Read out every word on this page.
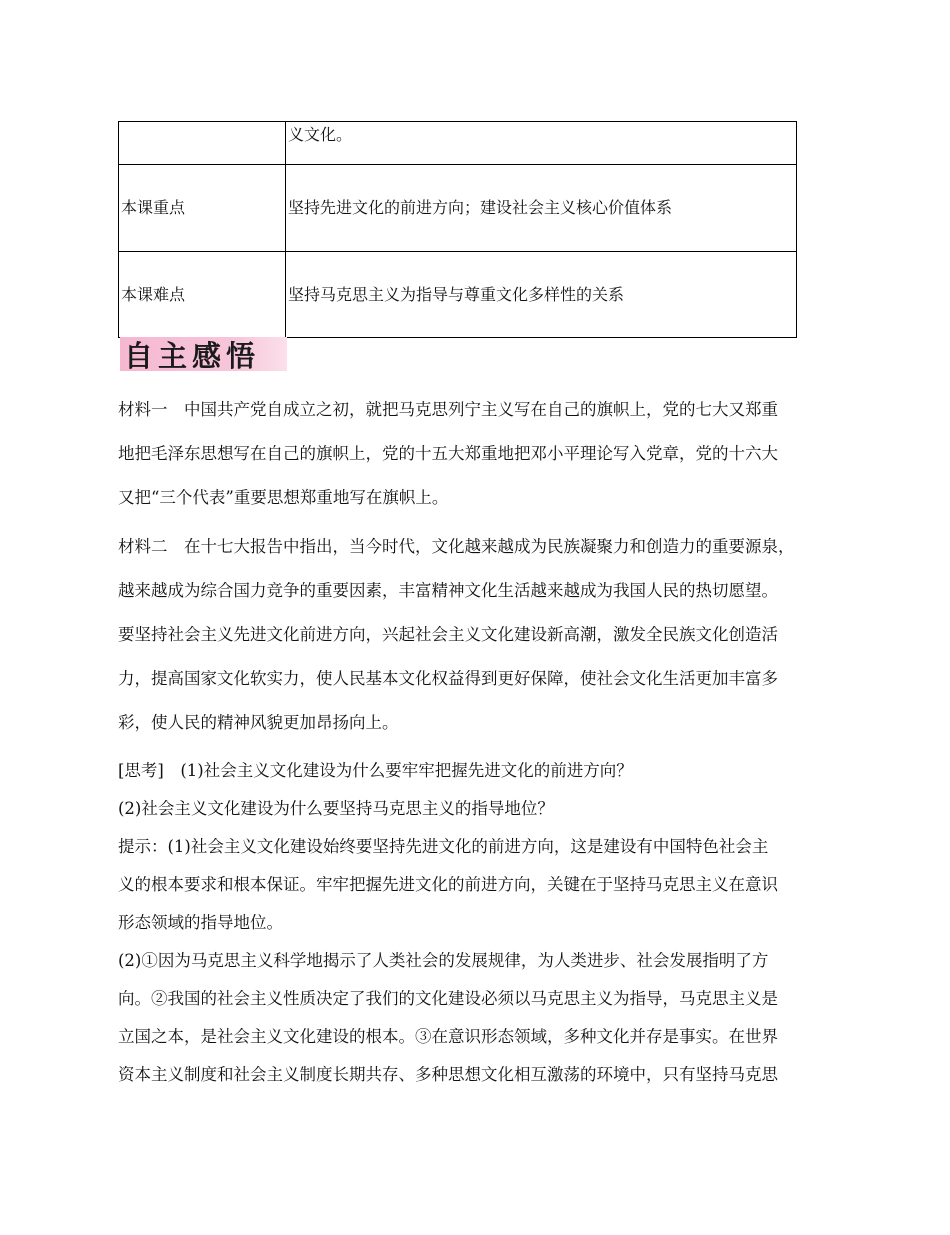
	义文化。
本课重点	坚持先进文化的前进方向；建设社会主义核心价值体系
本课难点	坚持马克思主义为指导与尊重文化多样性的关系
自主感悟
材料一　中国共产党自成立之初，就把马克思列宁主义写在自己的旗帜上，党的七大又郑重
地把毛泽东思想写在自己的旗帜上，党的十五大郑重地把邓小平理论写入党章，党的十六大
又把“三个代表”重要思想郑重地写在旗帜上。
材料二　在十七大报告中指出，当今时代，文化越来越成为民族凝聚力和创造力的重要源泉，
越来越成为综合国力竞争的重要因素，丰富精神文化生活越来越成为我国人民的热切愿望。
要坚持社会主义先进文化前进方向，兴起社会主义文化建设新高潮，激发全民族文化创造活
力，提高国家文化软实力，使人民基本文化权益得到更好保障，使社会文化生活更加丰富多
彩，使人民的精神风貌更加昂扬向上。
[思考]　(1)社会主义文化建设为什么要牢牢把握先进文化的前进方向？
(2)社会主义文化建设为什么要坚持马克思主义的指导地位？
提示：(1)社会主义文化建设始终要坚持先进文化的前进方向，这是建设有中国特色社会主
义的根本要求和根本保证。牢牢把握先进文化的前进方向，关键在于坚持马克思主义在意识
形态领域的指导地位。
(2)①因为马克思主义科学地揭示了人类社会的发展规律，为人类进步、社会发展指明了方
向。②我国的社会主义性质决定了我们的文化建设必须以马克思主义为指导，马克思主义是
立国之本，是社会主义文化建设的根本。③在意识形态领域，多种文化并存是事实。在世界
资本主义制度和社会主义制度长期共存、多种思想文化相互激荡的环境中，只有坚持马克思
